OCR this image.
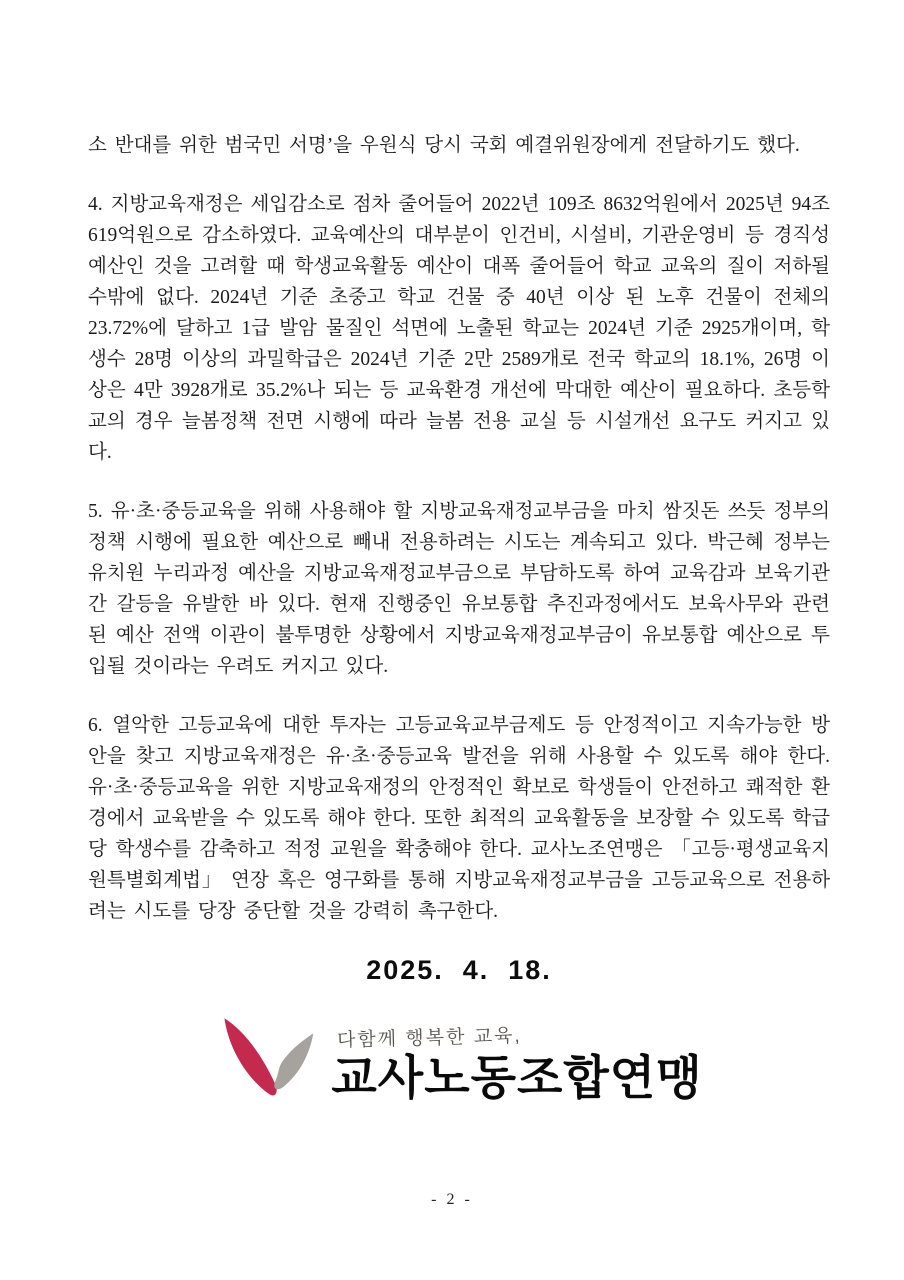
소 반대를 위한 범국민 서명’을 우원식 당시 국회 예결위원장에게 전달하기도 했다.

4. 지방교육재정은 세입감소로 점차 줄어들어 2022년 109조 8632억원에서 2025년 94조 619억원으로 감소하였다. 교육예산의 대부분이 인건비, 시설비, 기관운영비 등 경직성 예산인 것을 고려할 때 학생교육활동 예산이 대폭 줄어들어 학교 교육의 질이 저하될 수밖에 없다. 2024년 기준 초중고 학교 건물 중 40년 이상 된 노후 건물이 전체의 23.72%에 달하고 1급 발암 물질인 석면에 노출된 학교는 2024년 기준 2925개이며, 학생수 28명 이상의 과밀학급은 2024년 기준 2만 2589개로 전국 학교의 18.1%, 26명 이상은 4만 3928개로 35.2%나 되는 등 교육환경 개선에 막대한 예산이 필요하다. 초등학교의 경우 늘봄정책 전면 시행에 따라 늘봄 전용 교실 등 시설개선 요구도 커지고 있다.

5. 유·초·중등교육을 위해 사용해야 할 지방교육재정교부금을 마치 쌈짓돈 쓰듯 정부의 정책 시행에 필요한 예산으로 빼내 전용하려는 시도는 계속되고 있다. 박근혜 정부는 유치원 누리과정 예산을 지방교육재정교부금으로 부담하도록 하여 교육감과 보육기관 간 갈등을 유발한 바 있다. 현재 진행중인 유보통합 추진과정에서도 보육사무와 관련된 예산 전액 이관이 불투명한 상황에서 지방교육재정교부금이 유보통합 예산으로 투입될 것이라는 우려도 커지고 있다.

6. 열악한 고등교육에 대한 투자는 고등교육교부금제도 등 안정적이고 지속가능한 방안을 찾고 지방교육재정은 유·초·중등교육 발전을 위해 사용할 수 있도록 해야 한다. 유·초·중등교육을 위한 지방교육재정의 안정적인 확보로 학생들이 안전하고 쾌적한 환경에서 교육받을 수 있도록 해야 한다. 또한 최적의 교육활동을 보장할 수 있도록 학급당 학생수를 감축하고 적정 교원을 확충해야 한다. 교사노조연맹은 「고등·평생교육지원특별회계법」 연장 혹은 영구화를 통해 지방교육재정교부금을 고등교육으로 전용하려는 시도를 당장 중단할 것을 강력히 촉구한다.

2025.  4.  18.
다함께 행복한 교육,
교사노동조합연맹
- 2 -
